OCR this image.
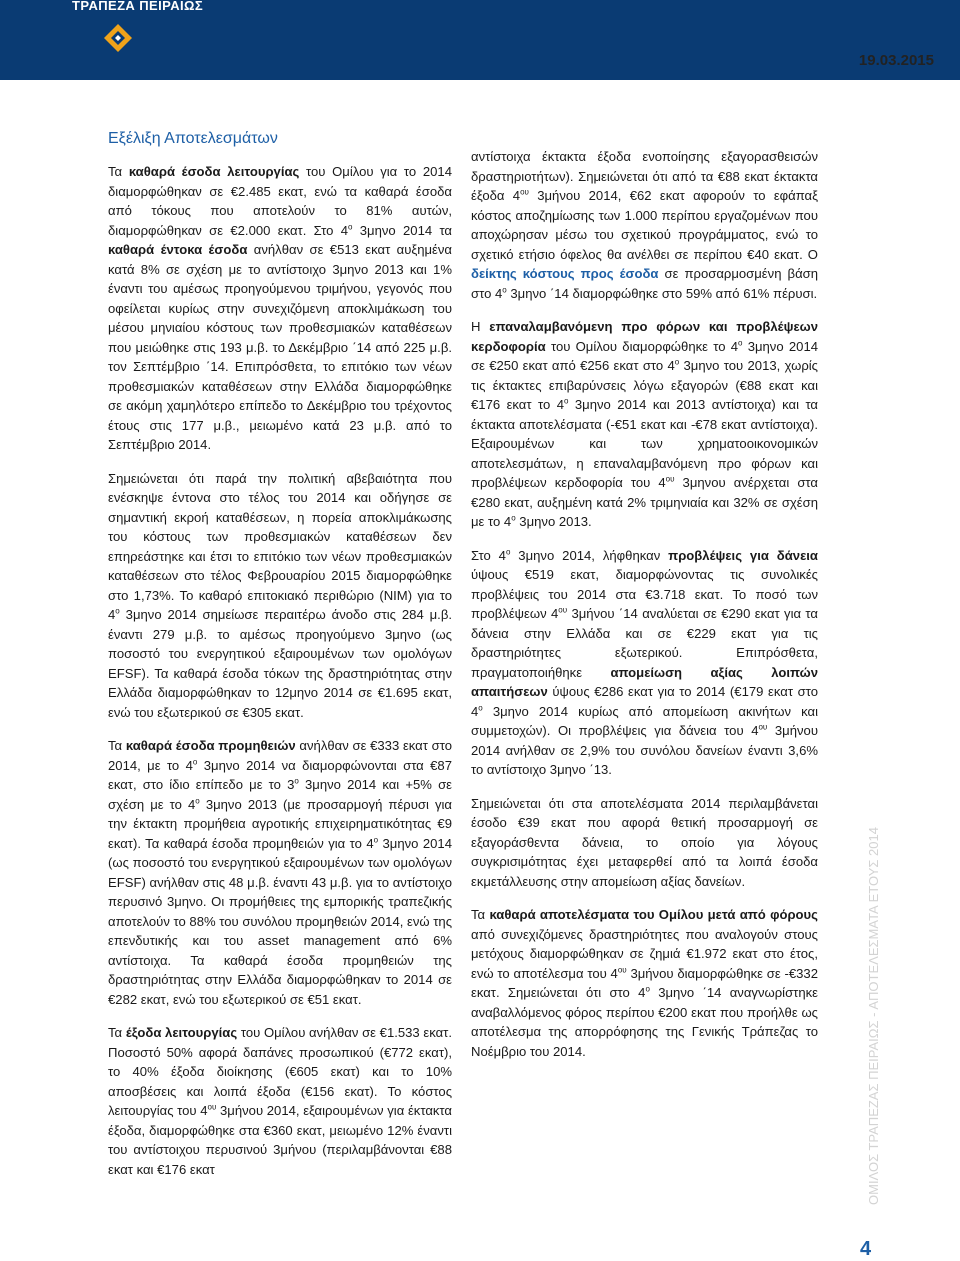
ΤΡΑΠΕΖΑ ΠΕΙΡΑΙΩΣ
19.03.2015
Εξέλιξη Αποτελεσμάτων

Τα καθαρά έσοδα λειτουργίας του Ομίλου για το 2014 διαμορφώθηκαν σε €2.485 εκατ, ενώ τα καθαρά έσοδα από τόκους που αποτελούν το 81% αυτών, διαμορφώθηκαν σε €2.000 εκατ. Στο $4^o$ 3μηνο 2014 τα καθαρά έντοκα έσοδα ανήλθαν σε €513 εκατ αυξημένα κατά 8% σε σχέση με το αντίστοιχο 3μηνο 2013 και 1% έναντι του αμέσως προηγούμενου τριμήνου, γεγονός που οφείλεται κυρίως στην συνεχιζόμενη αποκλιμάκωση του μέσου μηνιαίου κόστους των προθεσμιακών καταθέσεων που μειώθηκε στις 193 μ.β. το Δεκέμβριο ΄14 από 225 μ.β. τον Σεπτέμβριο ΄14. Επιπρόσθετα, το επιτόκιο των νέων προθεσμιακών καταθέσεων στην Ελλάδα διαμορφώθηκε σε ακόμη χαμηλότερο επίπεδο το Δεκέμβριο του τρέχοντος έτους στις 177 μ.β., μειωμένο κατά 23 μ.β. από το Σεπτέμβριο 2014.

Σημειώνεται ότι παρά την πολιτική αβεβαιότητα που ενέσκηψε έντονα στο τέλος του 2014 και οδήγησε σε σημαντική εκροή καταθέσεων, η πορεία αποκλιμάκωσης του κόστους των προθεσμιακών καταθέσεων δεν επηρεάστηκε και έτσι το επιτόκιο των νέων προθεσμιακών καταθέσεων στο τέλος Φεβρουαρίου 2015 διαμορφώθηκε στο 1,73%. Το καθαρό επιτοκιακό περιθώριο (NIM) για το $4^o$ 3μηνο 2014 σημείωσε περαιτέρω άνοδο στις 284 μ.β. έναντι 279 μ.β. το αμέσως προηγούμενο 3μηνο (ως ποσοστό του ενεργητικού εξαιρουμένων των ομολόγων EFSF). Τα καθαρά έσοδα τόκων της δραστηριότητας στην Ελλάδα διαμορφώθηκαν το 12μηνο 2014 σε €1.695 εκατ, ενώ του εξωτερικού σε €305 εκατ.

Τα καθαρά έσοδα προμηθειών ανήλθαν σε €333 εκατ στο 2014, με το $4^o$ 3μηνο 2014 να διαμορφώνονται στα €87 εκατ, στο ίδιο επίπεδο με το $3^o$ 3μηνο 2014 και +5% σε σχέση με το $4^o$ 3μηνο 2013 (με προσαρμογή πέρυσι για την έκτακτη προμήθεια αγροτικής επιχειρηματικότητας €9 εκατ). Τα καθαρά έσοδα προμηθειών για το $4^o$ 3μηνο 2014 (ως ποσοστό του ενεργητικού εξαιρουμένων των ομολόγων EFSF) ανήλθαν στις 48 μ.β. έναντι 43 μ.β. για το αντίστοιχο περυσινό 3μηνο. Οι προμήθειες της εμπορικής τραπεζικής αποτελούν το 88% του συνόλου προμηθειών 2014, ενώ της επενδυτικής και του asset management από 6% αντίστοιχα. Τα καθαρά έσοδα προμηθειών της δραστηριότητας στην Ελλάδα διαμορφώθηκαν το 2014 σε €282 εκατ, ενώ του εξωτερικού σε €51 εκατ.

Τα έξοδα λειτουργίας του Ομίλου ανήλθαν σε €1.533 εκατ. Ποσοστό 50% αφορά δαπάνες προσωπικού (€772 εκατ), το 40% έξοδα διοίκησης (€605 εκατ) και το 10% αποσβέσεις και λοιπά έξοδα (€156 εκατ). Το κόστος λειτουργίας του $4^{o\upsilon}$ 3μήνου 2014, εξαιρουμένων για έκτακτα έξοδα, διαμορφώθηκε στα €360 εκατ, μειωμένο 12% έναντι του αντίστοιχου περυσινού 3μήνου (περιλαμβάνονται €88 εκατ και €176 εκατ

αντίστοιχα έκτακτα έξοδα ενοποίησης εξαγορασθεισών δραστηριοτήτων). Σημειώνεται ότι από τα €88 εκατ έκτακτα έξοδα $4^{o\upsilon}$ 3μήνου 2014, €62 εκατ αφορούν το εφάπαξ κόστος αποζημίωσης των 1.000 περίπου εργαζομένων που αποχώρησαν μέσω του σχετικού προγράμματος, ενώ το σχετικό ετήσιο όφελος θα ανέλθει σε περίπου €40 εκατ. Ο δείκτης κόστους προς έσοδα σε προσαρμοσμένη βάση στο $4^o$ 3μηνο ΄14 διαμορφώθηκε στο 59% από 61% πέρυσι.

Η επαναλαμβανόμενη προ φόρων και προβλέψεων κερδοφορία του Ομίλου διαμορφώθηκε το $4^o$ 3μηνο 2014 σε €250 εκατ από €256 εκατ στο $4^o$ 3μηνο του 2013, χωρίς τις έκτακτες επιβαρύνσεις λόγω εξαγορών (€88 εκατ και €176 εκατ το $4^o$ 3μηνο 2014 και 2013 αντίστοιχα) και τα έκτακτα αποτελέσματα (-€51 εκατ και -€78 εκατ αντίστοιχα). Εξαιρουμένων και των χρηματοοικονομικών αποτελεσμάτων, η επαναλαμβανόμενη προ φόρων και προβλέψεων κερδοφορία του $4^{o\upsilon}$ 3μηνου ανέρχεται στα €280 εκατ, αυξημένη κατά 2% τριμηνιαία και 32% σε σχέση με το $4^o$ 3μηνο 2013.

Στο $4^o$ 3μηνο 2014, λήφθηκαν προβλέψεις για δάνεια ύψους €519 εκατ, διαμορφώνοντας τις συνολικές προβλέψεις του 2014 στα €3.718 εκατ. Το ποσό των προβλέψεων $4^{o\upsilon}$ 3μήνου ΄14 αναλύεται σε €290 εκατ για τα δάνεια στην Ελλάδα και σε €229 εκατ για τις δραστηριότητες εξωτερικού. Επιπρόσθετα, πραγματοποιήθηκε απομείωση αξίας λοιπών απαιτήσεων ύψους €286 εκατ για το 2014 (€179 εκατ στο $4^o$ 3μηνο 2014 κυρίως από απομείωση ακινήτων και συμμετοχών). Οι προβλέψεις για δάνεια του $4^{o\upsilon}$ 3μήνου 2014 ανήλθαν σε 2,9% του συνόλου δανείων έναντι 3,6% το αντίστοιχο 3μηνο ΄13.

Σημειώνεται ότι στα αποτελέσματα 2014 περιλαμβάνεται έσοδο €39 εκατ που αφορά θετική προσαρμογή σε εξαγοράσθεντα δάνεια, το οποίο για λόγους συγκρισιμότητας έχει μεταφερθεί από τα λοιπά έσοδα εκμετάλλευσης στην απομείωση αξίας δανείων.

Τα καθαρά αποτελέσματα του Ομίλου μετά από φόρους από συνεχιζόμενες δραστηριότητες που αναλογούν στους μετόχους διαμορφώθηκαν σε ζημιά €1.972 εκατ στο έτος, ενώ το αποτέλεσμα του $4^{o\upsilon}$ 3μήνου διαμορφώθηκε σε -€332 εκατ. Σημειώνεται ότι στο $4^o$ 3μηνο ΄14 αναγνωρίστηκε αναβαλλόμενος φόρος περίπου €200 εκατ που προήλθε ως αποτέλεσμα της απορρόφησης της Γενικής Τράπεζας το Νοέμβριο του 2014.	ΟΜΙΛΟΣ ΤΡΑΠΕΖΑΣ ΠΕΙΡΑΙΩΣ - ΑΠΟΤΕΛΕΣΜΑΤΑ ΕΤΟΥΣ 2014
4
